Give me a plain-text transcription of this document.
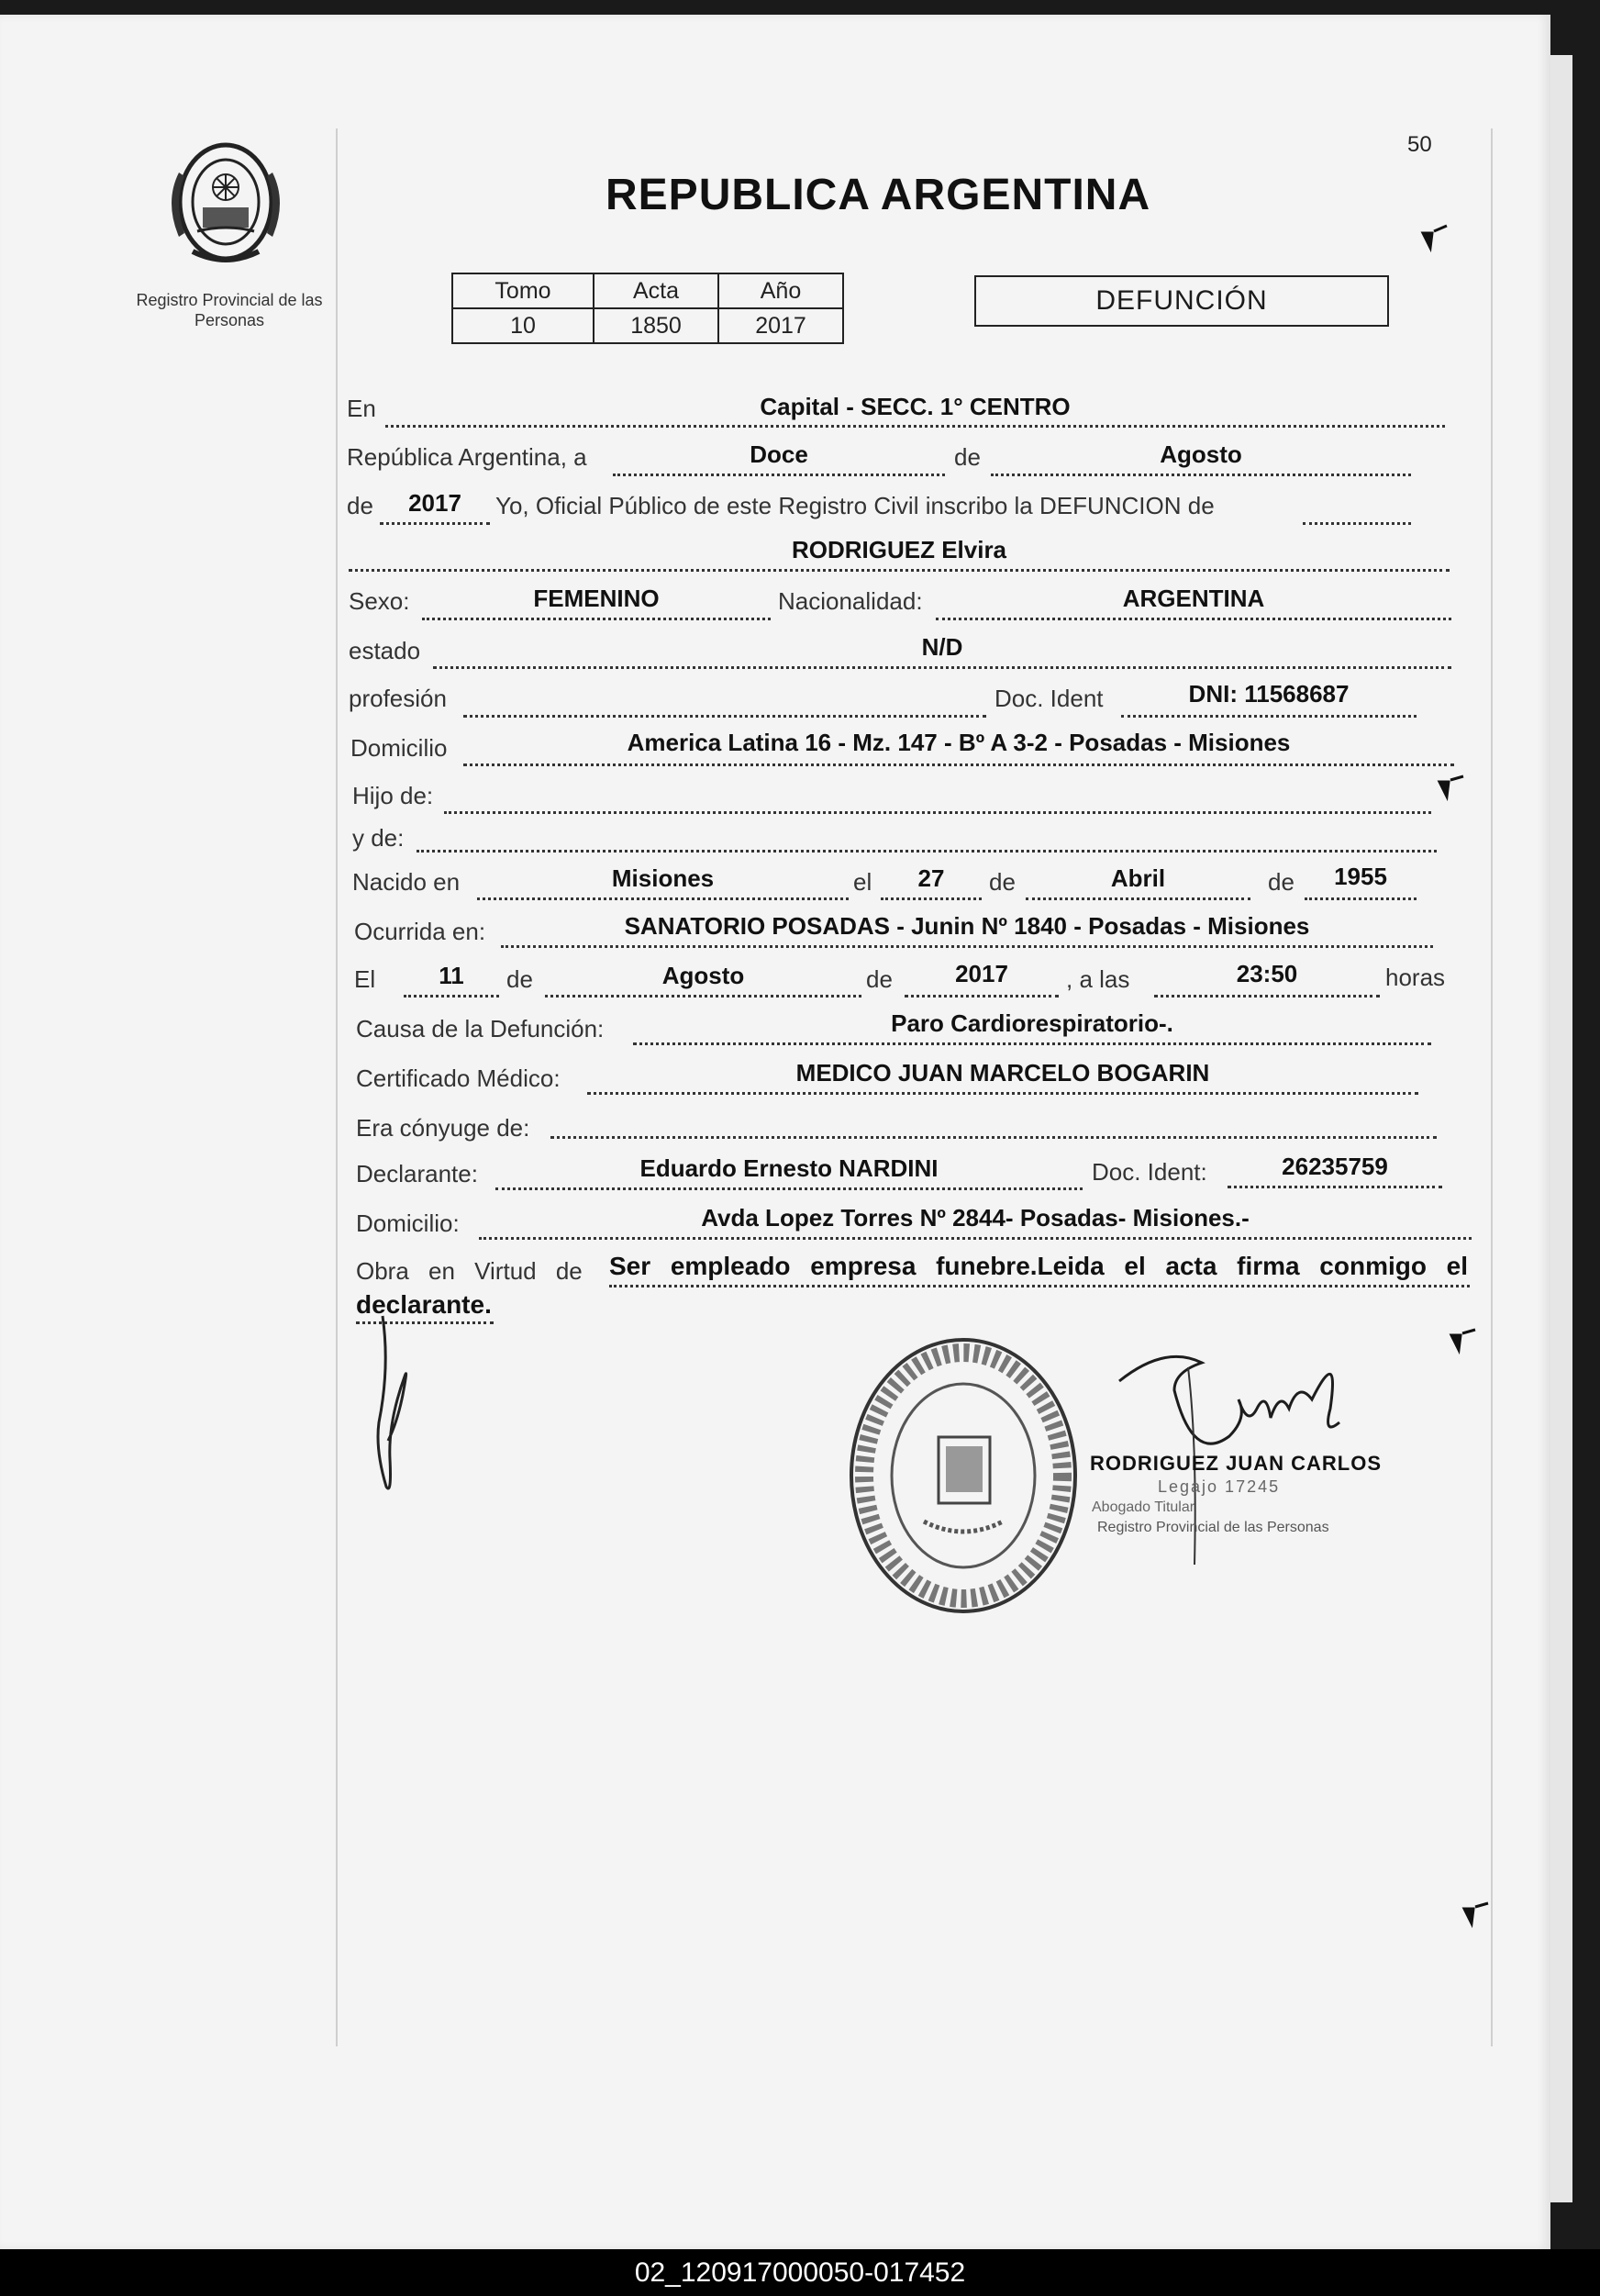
50
Registro Provincial de las Personas
REPUBLICA ARGENTINA
Tomo	Acta	Año
10	1850	2017
DEFUNCIÓN
En	Capital - SECC. 1° CENTRO
República Argentina, a	Doce	de	Agosto
de	2017	Yo, Oficial Público de este Registro Civil inscribo la DEFUNCION de
RODRIGUEZ Elvira
Sexo:	FEMENINO	Nacionalidad:	ARGENTINA
estado	N/D
profesión	Doc. Ident	DNI: 11568687
Domicilio	America Latina 16 - Mz. 147 - Bº A 3-2 - Posadas - Misiones
Hijo de:
y de:
Nacido en	Misiones	el	27	de	Abril	de	1955
Ocurrida en:	SANATORIO POSADAS - Junin Nº 1840 - Posadas - Misiones
El	11	de	Agosto	de	2017	, a las	23:50	horas
Causa de la Defunción:	Paro Cardiorespiratorio-.
Certificado Médico:	MEDICO JUAN MARCELO BOGARIN
Era cónyuge de:
Declarante:	Eduardo Ernesto NARDINI	Doc. Ident:	26235759
Domicilio:	Avda Lopez Torres Nº 2844- Posadas- Misiones.-
Obra en Virtud de Ser empleado empresa funebre.Leida el acta firma conmigo el
declarante.
RODRIGUEZ JUAN CARLOS
Legajo 17245
Abogado Titular
Registro Provincial de las Personas
02_120917000050-017452
